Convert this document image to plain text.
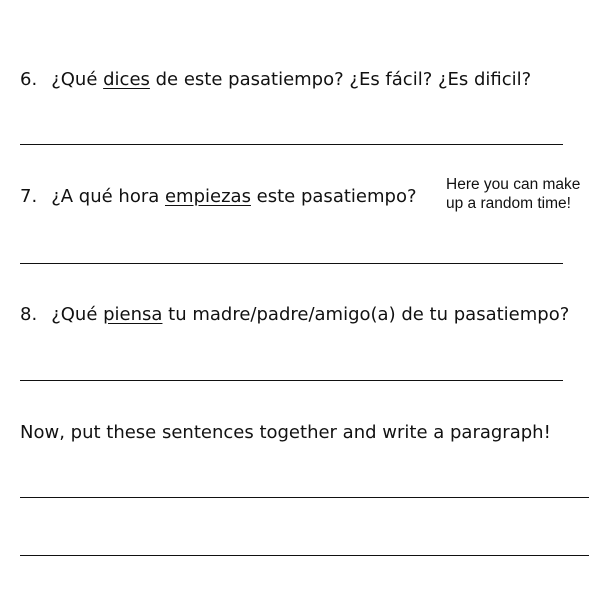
6. ¿Qué dices de este pasatiempo? ¿Es fácil? ¿Es dificil?
7. ¿A qué hora empiezas este pasatiempo?
Here you can make
up a random time!
8. ¿Qué piensa tu madre/padre/amigo(a) de tu pasatiempo?
Now, put these sentences together and write a paragraph!
